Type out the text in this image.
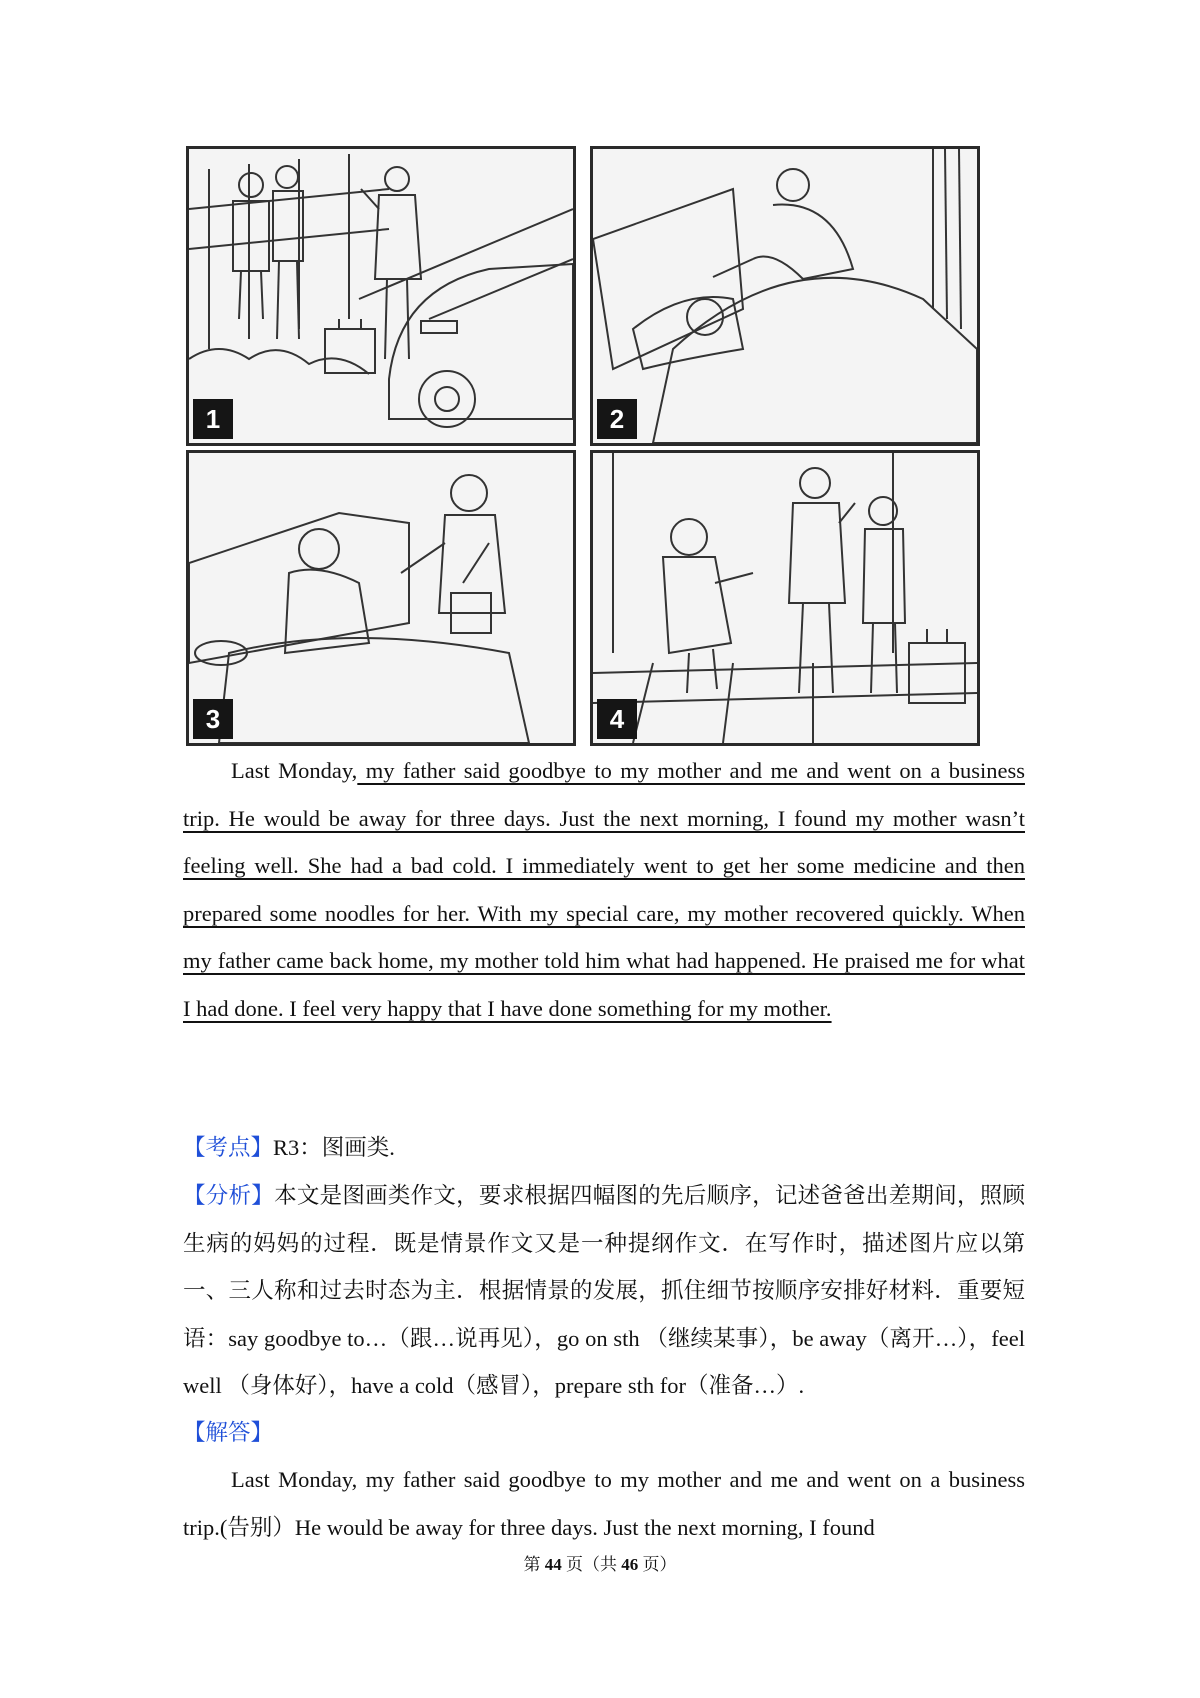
1	2
3	4
Last Monday, my father said goodbye to my mother and me and went on a business trip. He would be away for three days. Just the next morning, I found my mother wasn’t feeling well. She had a bad cold. I immediately went to get her some medicine and then prepared some noodles for her. With my special care, my mother recovered quickly. When my father came back home, my mother told him what had happened. He praised me for what I had done. I feel very happy that I have done something for my mother.
【考点】R3：图画类.
【分析】本文是图画类作文，要求根据四幅图的先后顺序，记述爸爸出差期间，照顾生病的妈妈的过程．既是情景作文又是一种提纲作文．在写作时，描述图片应以第一、三人称和过去时态为主．根据情景的发展，抓住细节按顺序安排好材料．重要短语：say goodbye to…（跟…说再见），go on sth （继续某事），be away（离开…），feel well （身体好），have a cold（感冒），prepare sth for（准备…）.
【解答】
Last Monday, my father said goodbye to my mother and me and went on a business trip.(告别）He would be away for three days. Just the next morning, I found
第 44 页（共 46 页）
